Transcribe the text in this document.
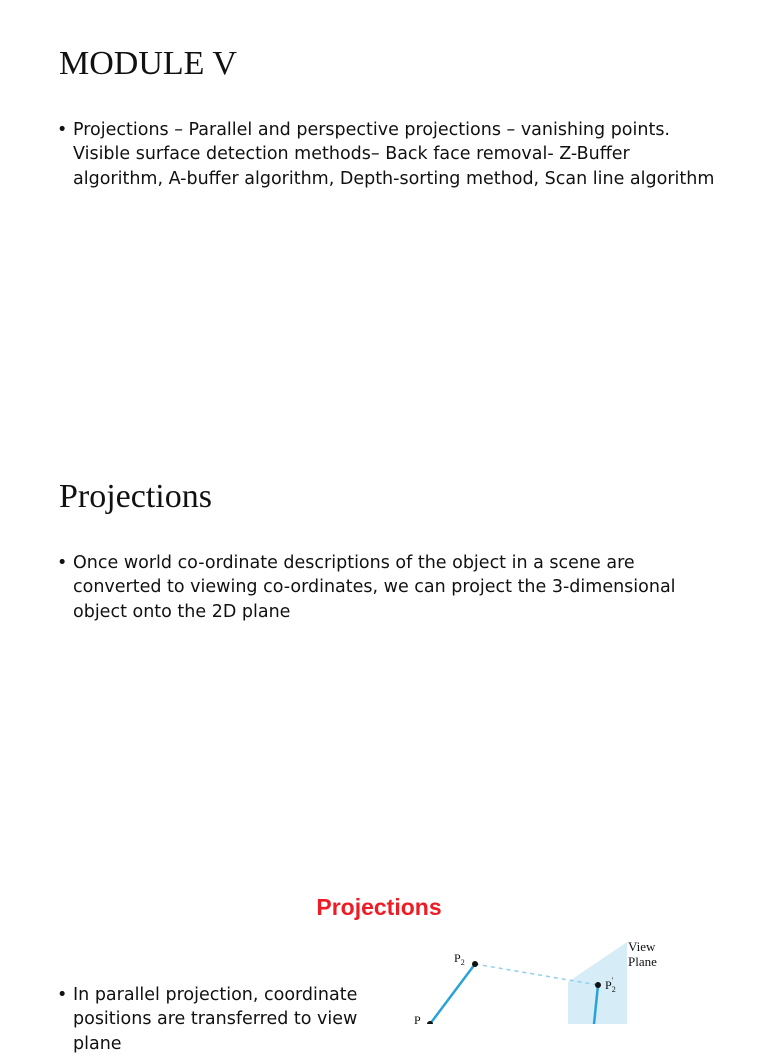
MODULE V
• Projections – Parallel and perspective projections – vanishing points. Visible surface detection methods– Back face removal- Z-Buffer algorithm, A-buffer algorithm, Depth-sorting method, Scan line algorithm
Projections
• Once world co-ordinate descriptions of the object in a scene are converted to viewing co-ordinates, we can project the 3-dimensional object onto the 2D plane
Projections
• In parallel projection, coordinate positions are transferred to view plane
$P_2$
$P_2'$
P
View
Plane
